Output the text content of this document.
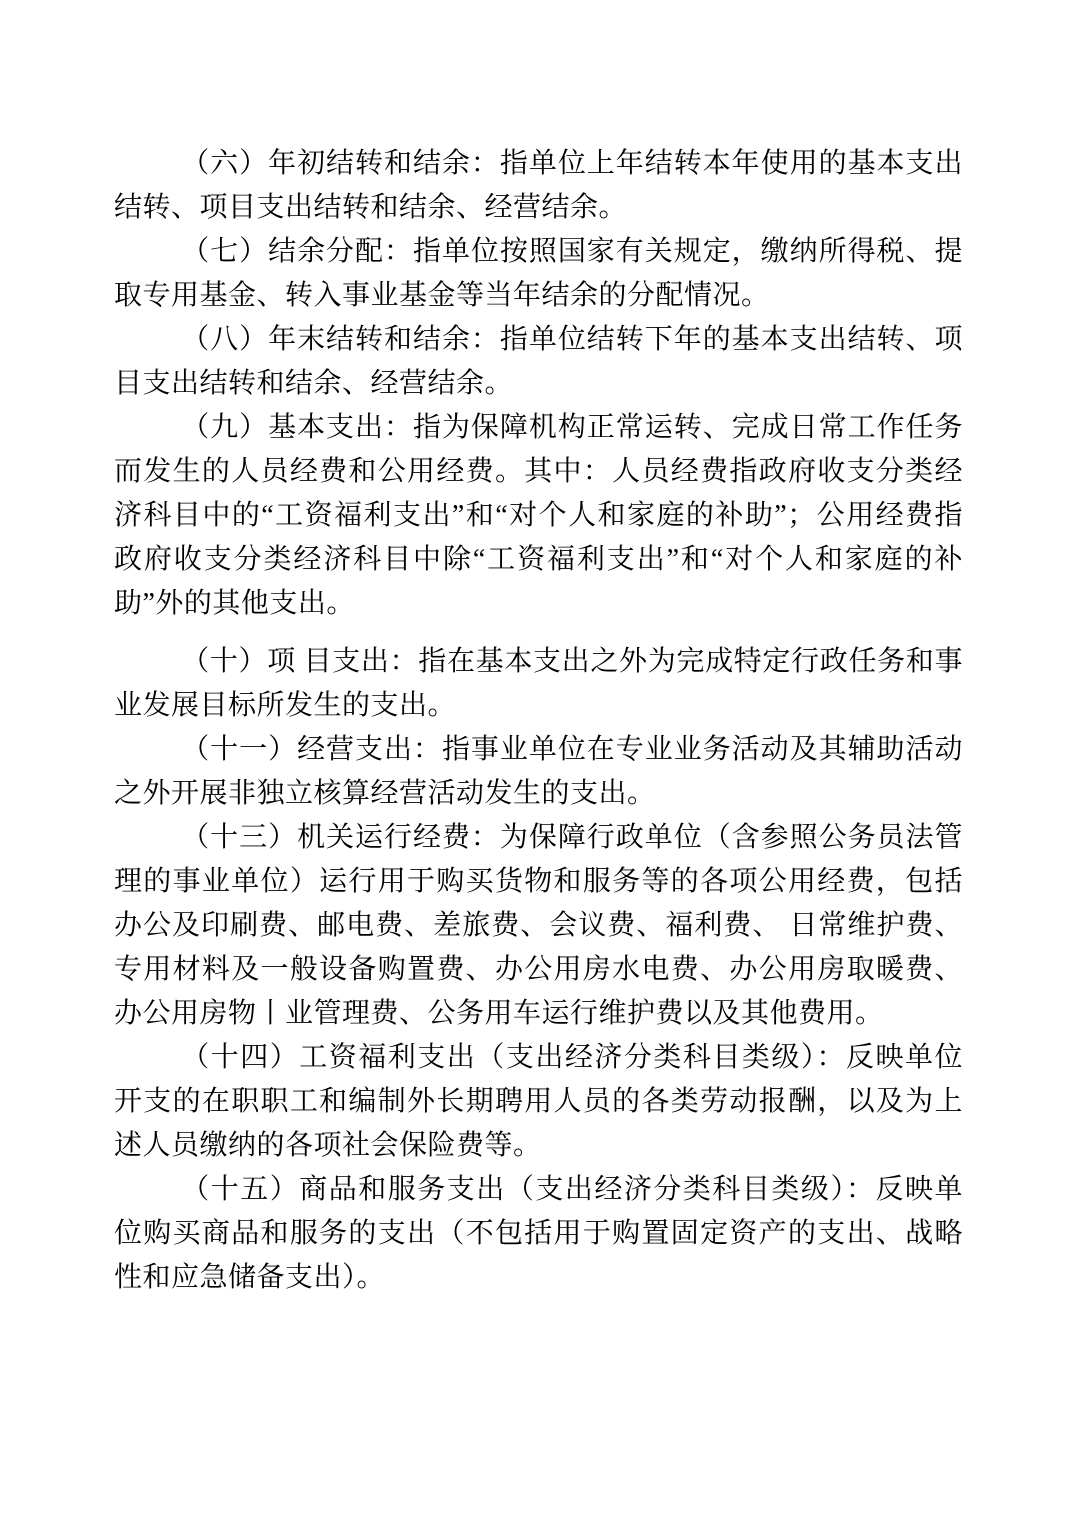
（六）年初结转和结余：指单位上年结转本年使用的基本支出结转、项目支出结转和结余、经营结余。

（七）结余分配：指单位按照国家有关规定，缴纳所得税、提取专用基金、转入事业基金等当年结余的分配情况。

（八）年末结转和结余：指单位结转下年的基本支出结转、项目支出结转和结余、经营结余。

（九）基本支出：指为保障机构正常运转、完成日常工作任务而发生的人员经费和公用经费。其中：人员经费指政府收支分类经济科目中的“工资福利支出”和“对个人和家庭的补助”；公用经费指政府收支分类经济科目中除“工资福利支出”和“对个人和家庭的补助”外的其他支出。

（十）项 目支出：指在基本支出之外为完成特定行政任务和事业发展目标所发生的支出。

（十一）经营支出：指事业单位在专业业务活动及其辅助活动之外开展非独立核算经营活动发生的支出。

（十三）机关运行经费：为保障行政单位（含参照公务员法管理的事业单位）运行用于购买货物和服务等的各项公用经费，包括办公及印刷费、邮电费、差旅费、会议费、福利费、 日常维护费、专用材料及一般设备购置费、办公用房水电费、办公用房取暖费、办公用房物丨业管理费、公务用车运行维护费以及其他费用。

（十四）工资福利支出（支出经济分类科目类级）：反映单位开支的在职职工和编制外长期聘用人员的各类劳动报酬，以及为上述人员缴纳的各项社会保险费等。

（十五）商品和服务支出（支出经济分类科目类级）：反映单位购买商品和服务的支出（不包括用于购置固定资产的支出、战略性和应急储备支出）。
